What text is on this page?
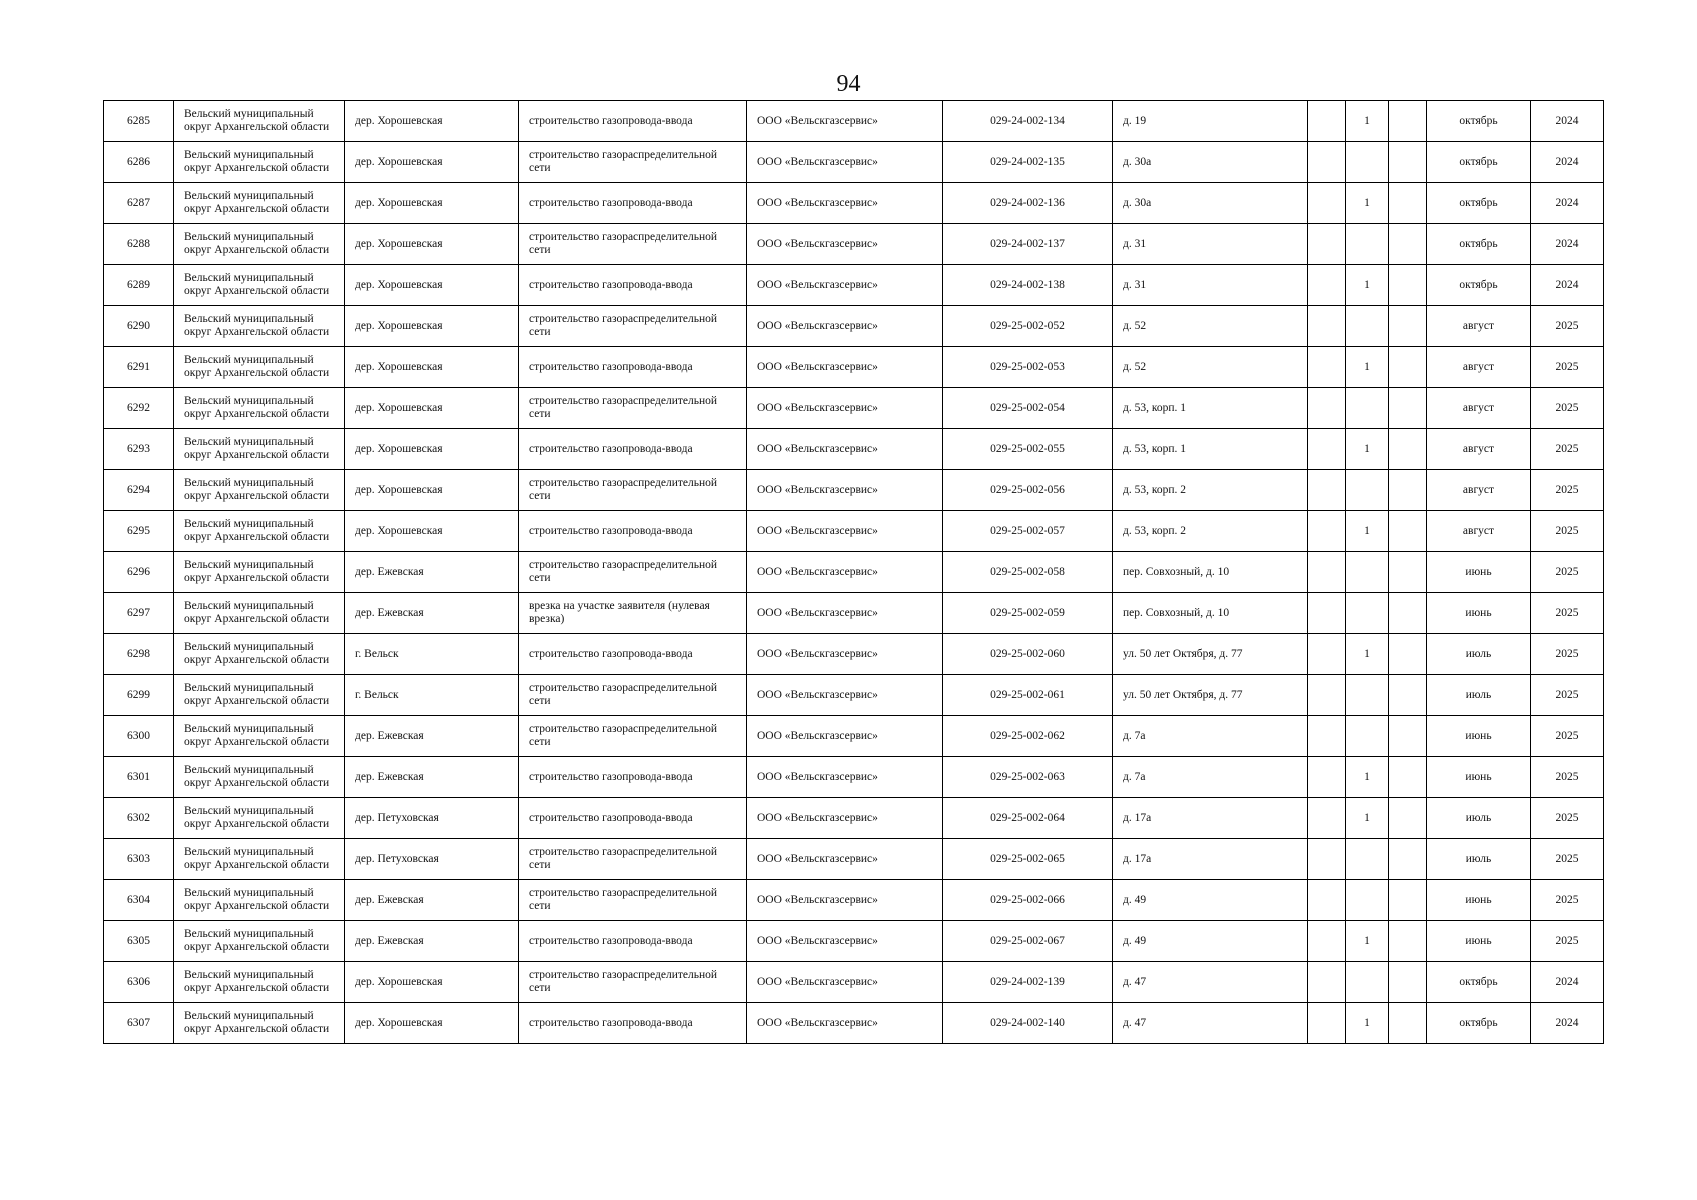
94
6285	Вельский муниципальный округ Архангельской области	дер. Хорошевская	строительство газопровода-ввода	ООО «Вельскгазсервис»	029-24-002-134	д. 19		1		октябрь	2024
6286	Вельский муниципальный округ Архангельской области	дер. Хорошевская	строительство газораспределительной сети	ООО «Вельскгазсервис»	029-24-002-135	д. 30а				октябрь	2024
6287	Вельский муниципальный округ Архангельской области	дер. Хорошевская	строительство газопровода-ввода	ООО «Вельскгазсервис»	029-24-002-136	д. 30а		1		октябрь	2024
6288	Вельский муниципальный округ Архангельской области	дер. Хорошевская	строительство газораспределительной сети	ООО «Вельскгазсервис»	029-24-002-137	д. 31				октябрь	2024
6289	Вельский муниципальный округ Архангельской области	дер. Хорошевская	строительство газопровода-ввода	ООО «Вельскгазсервис»	029-24-002-138	д. 31		1		октябрь	2024
6290	Вельский муниципальный округ Архангельской области	дер. Хорошевская	строительство газораспределительной сети	ООО «Вельскгазсервис»	029-25-002-052	д. 52				август	2025
6291	Вельский муниципальный округ Архангельской области	дер. Хорошевская	строительство газопровода-ввода	ООО «Вельскгазсервис»	029-25-002-053	д. 52		1		август	2025
6292	Вельский муниципальный округ Архангельской области	дер. Хорошевская	строительство газораспределительной сети	ООО «Вельскгазсервис»	029-25-002-054	д. 53, корп. 1				август	2025
6293	Вельский муниципальный округ Архангельской области	дер. Хорошевская	строительство газопровода-ввода	ООО «Вельскгазсервис»	029-25-002-055	д. 53, корп. 1		1		август	2025
6294	Вельский муниципальный округ Архангельской области	дер. Хорошевская	строительство газораспределительной сети	ООО «Вельскгазсервис»	029-25-002-056	д. 53, корп. 2				август	2025
6295	Вельский муниципальный округ Архангельской области	дер. Хорошевская	строительство газопровода-ввода	ООО «Вельскгазсервис»	029-25-002-057	д. 53, корп. 2		1		август	2025
6296	Вельский муниципальный округ Архангельской области	дер. Ежевская	строительство газораспределительной сети	ООО «Вельскгазсервис»	029-25-002-058	пер. Совхозный, д. 10				июнь	2025
6297	Вельский муниципальный округ Архангельской области	дер. Ежевская	врезка на участке заявителя (нулевая врезка)	ООО «Вельскгазсервис»	029-25-002-059	пер. Совхозный, д. 10				июнь	2025
6298	Вельский муниципальный округ Архангельской области	г. Вельск	строительство газопровода-ввода	ООО «Вельскгазсервис»	029-25-002-060	ул. 50 лет Октября, д. 77		1		июль	2025
6299	Вельский муниципальный округ Архангельской области	г. Вельск	строительство газораспределительной сети	ООО «Вельскгазсервис»	029-25-002-061	ул. 50 лет Октября, д. 77				июль	2025
6300	Вельский муниципальный округ Архангельской области	дер. Ежевская	строительство газораспределительной сети	ООО «Вельскгазсервис»	029-25-002-062	д. 7а				июнь	2025
6301	Вельский муниципальный округ Архангельской области	дер. Ежевская	строительство газопровода-ввода	ООО «Вельскгазсервис»	029-25-002-063	д. 7а		1		июнь	2025
6302	Вельский муниципальный округ Архангельской области	дер. Петуховская	строительство газопровода-ввода	ООО «Вельскгазсервис»	029-25-002-064	д. 17а		1		июль	2025
6303	Вельский муниципальный округ Архангельской области	дер. Петуховская	строительство газораспределительной сети	ООО «Вельскгазсервис»	029-25-002-065	д. 17а				июль	2025
6304	Вельский муниципальный округ Архангельской области	дер. Ежевская	строительство газораспределительной сети	ООО «Вельскгазсервис»	029-25-002-066	д. 49				июнь	2025
6305	Вельский муниципальный округ Архангельской области	дер. Ежевская	строительство газопровода-ввода	ООО «Вельскгазсервис»	029-25-002-067	д. 49		1		июнь	2025
6306	Вельский муниципальный округ Архангельской области	дер. Хорошевская	строительство газораспределительной сети	ООО «Вельскгазсервис»	029-24-002-139	д. 47				октябрь	2024
6307	Вельский муниципальный округ Архангельской области	дер. Хорошевская	строительство газопровода-ввода	ООО «Вельскгазсервис»	029-24-002-140	д. 47		1		октябрь	2024
